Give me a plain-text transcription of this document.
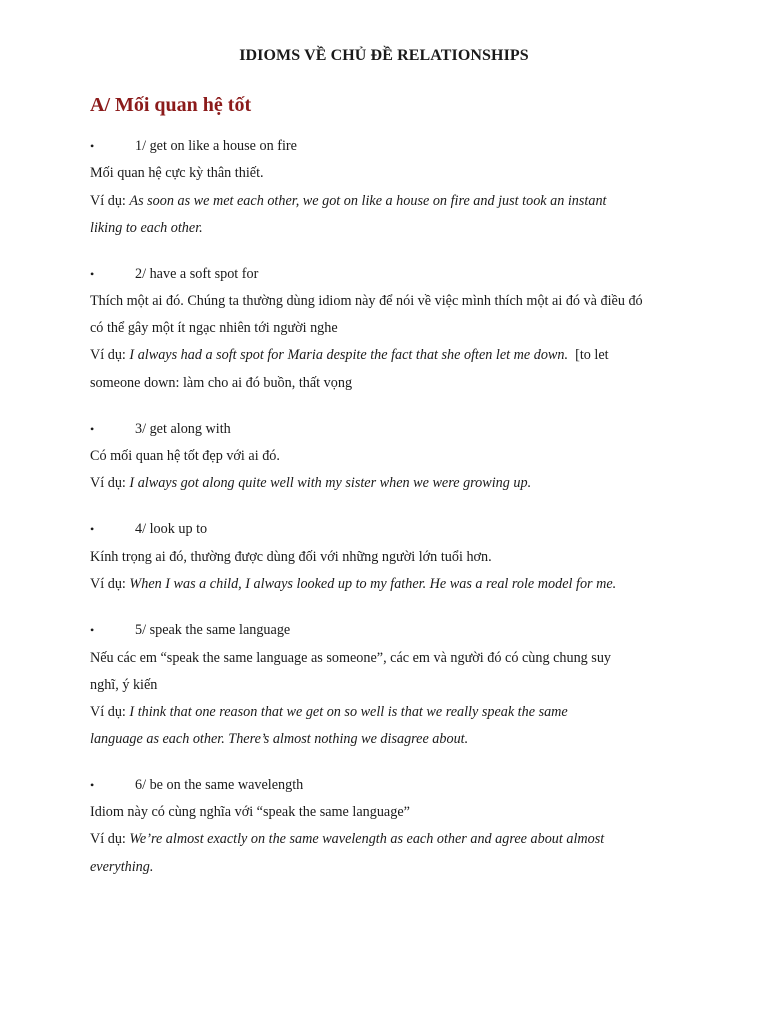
IDIOMS VỀ CHỦ ĐỀ RELATIONSHIPS
A/ Mối quan hệ tốt
•	1/ get on like a house on fire
Mối quan hệ cực kỳ thân thiết.
Ví dụ: As soon as we met each other, we got on like a house on fire and just took an instant
liking to each other.
•	2/ have a soft spot for
Thích một ai đó. Chúng ta thường dùng idiom này để nói về việc mình thích một ai đó và điều đó
có thể gây một ít ngạc nhiên tới người nghe
Ví dụ: I always had a soft spot for Maria despite the fact that she often let me down. [to let
someone down: làm cho ai đó buồn, thất vọng
•	3/ get along with
Có mối quan hệ tốt đẹp với ai đó.
Ví dụ: I always got along quite well with my sister when we were growing up.
•	4/ look up to
Kính trọng ai đó, thường được dùng đối với những người lớn tuổi hơn.
Ví dụ: When I was a child, I always looked up to my father. He was a real role model for me.
•	5/ speak the same language
Nếu các em “speak the same language as someone”, các em và người đó có cùng chung suy
nghĩ, ý kiến
Ví dụ: I think that one reason that we get on so well is that we really speak the same
language as each other. There’s almost nothing we disagree about.
•	6/ be on the same wavelength
Idiom này có cùng nghĩa với “speak the same language”
Ví dụ: We’re almost exactly on the same wavelength as each other and agree about almost
everything.
